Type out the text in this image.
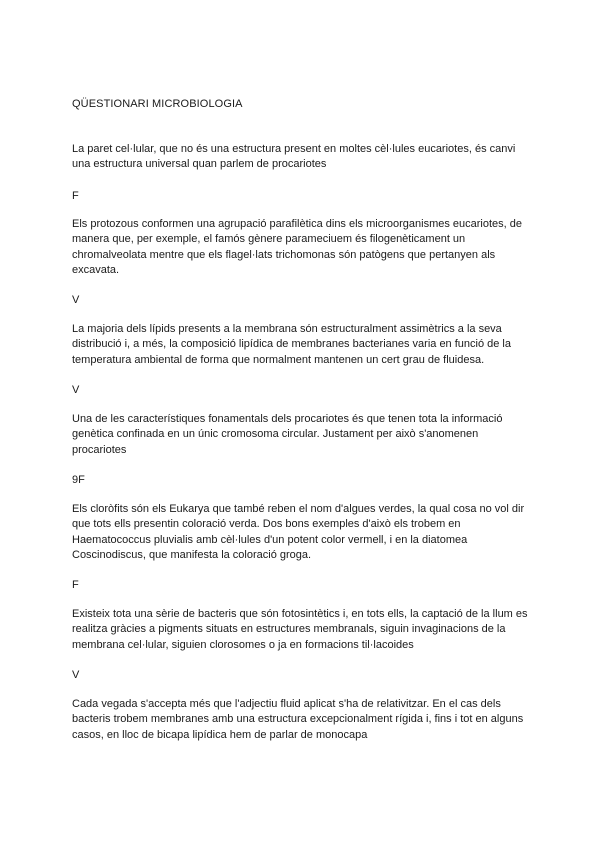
QÜESTIONARI MICROBIOLOGIA

La paret cel·lular, que no és una estructura present en moltes cèl·lules eucariotes, és canvi una estructura universal quan parlem de procariotes

F

Els protozous conformen una agrupació parafilètica dins els microorganismes eucariotes, de manera que, per exemple, el famós gènere parameciuem és filogenèticament un chromalveolata mentre que els flagel·lats trichomonas són patògens que pertanyen als excavata.

V

La majoria dels lípids presents a la membrana són estructuralment assimètrics a la seva distribució i, a més, la composició lipídica de membranes bacterianes varia en funció de la temperatura ambiental de forma que normalment mantenen un cert grau de fluidesa.

V

Una de les característiques fonamentals dels procariotes és que tenen tota la informació genètica confinada en un únic cromosoma circular. Justament per això s'anomenen procariotes

9F

Els cloròfits són els Eukarya que també reben el nom d'algues verdes, la qual cosa no vol dir que tots ells presentin coloració verda. Dos bons exemples d'això els trobem en Haematococcus pluvialis amb cèl·lules d'un potent color vermell, i en la diatomea Coscinodiscus, que manifesta la coloració groga.

F

Existeix tota una sèrie de bacteris que són fotosintètics i, en tots ells, la captació de la llum es realitza gràcies a pigments situats en estructures membranals, siguin invaginacions de la membrana cel·lular, siguien clorosomes o ja en formacions til·lacoides

V

Cada vegada s'accepta més que l'adjectiu fluid aplicat s'ha de relativitzar. En el cas dels bacteris trobem membranes amb una estructura excepcionalment rígida i, fins i tot en alguns casos, en lloc de bicapa lipídica hem de parlar de monocapa
